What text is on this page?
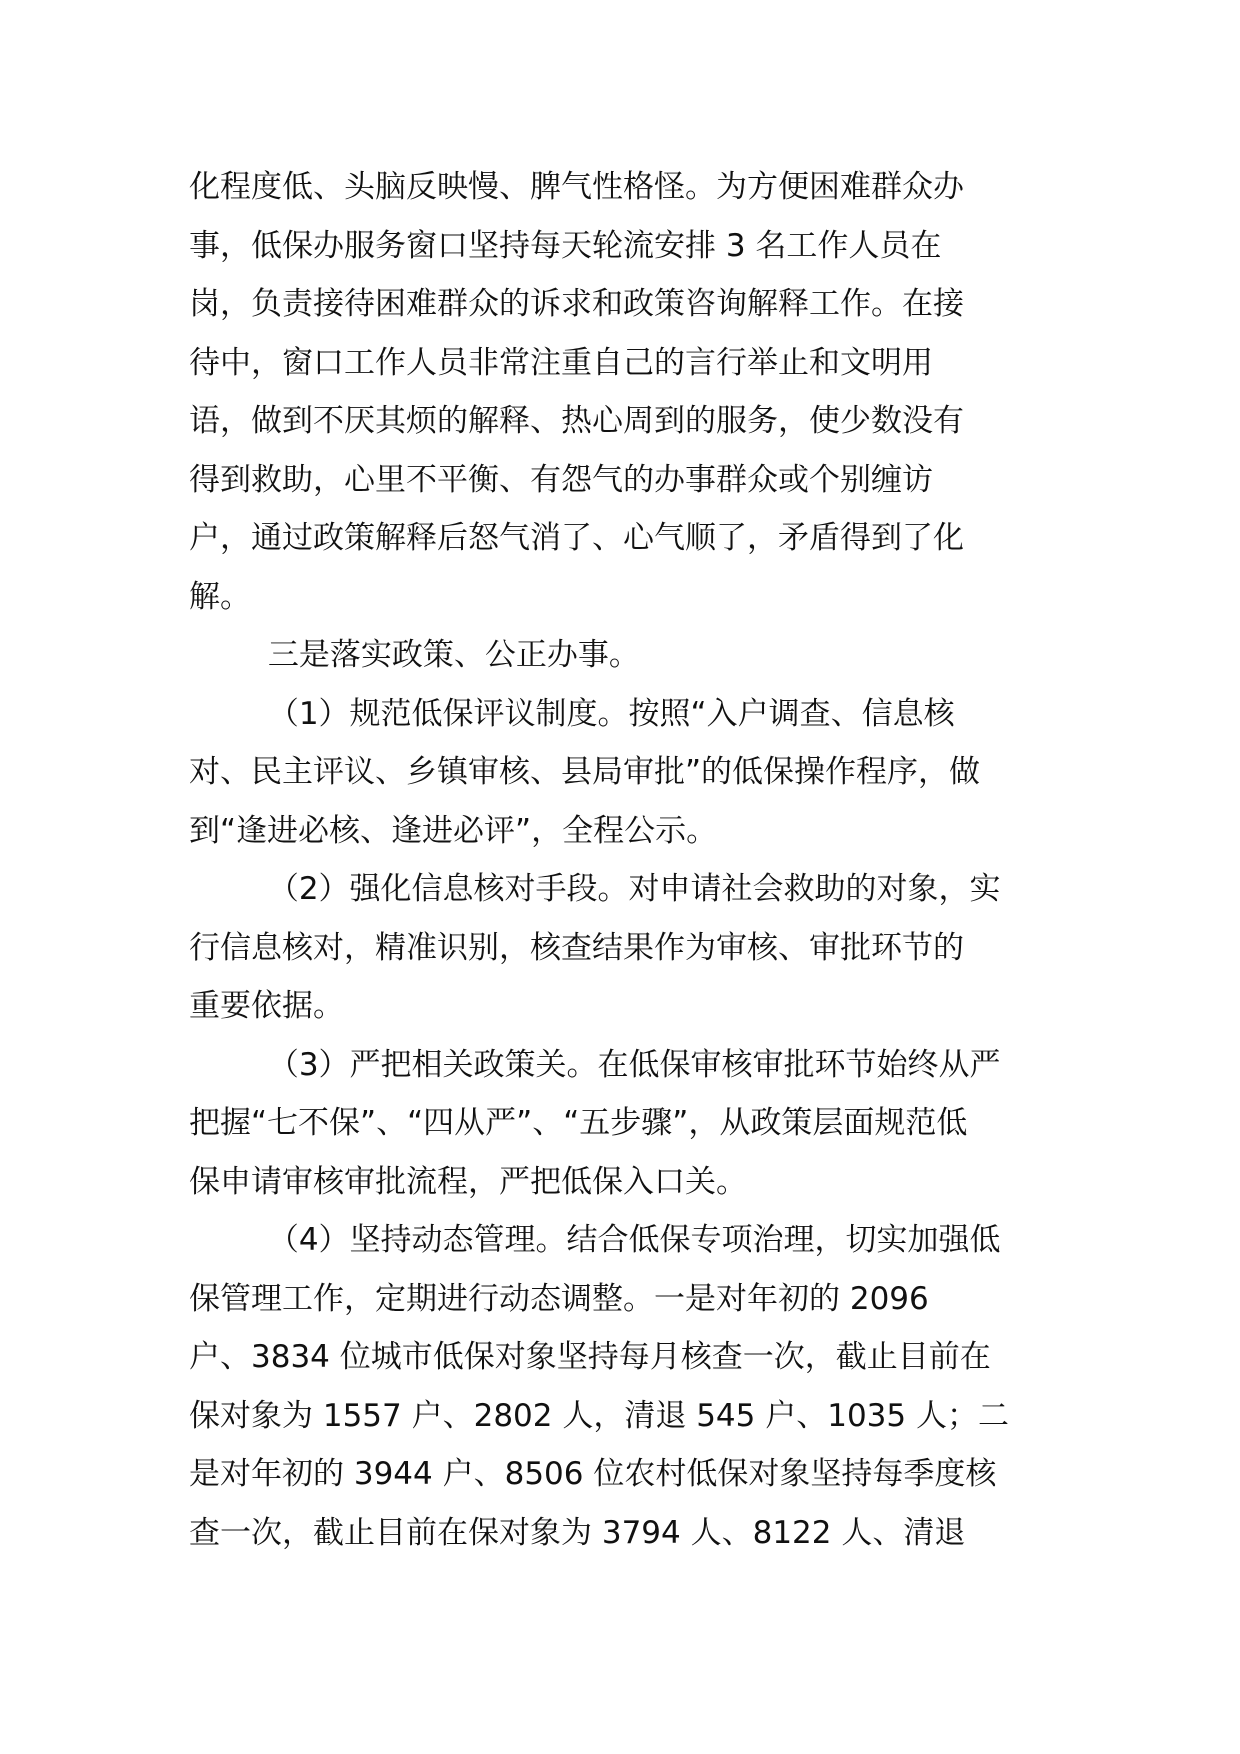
化程度低、头脑反映慢、脾气性格怪。为方便困难群众办
事，低保办服务窗口坚持每天轮流安排 3 名工作人员在
岗，负责接待困难群众的诉求和政策咨询解释工作。在接
待中，窗口工作人员非常注重自己的言行举止和文明用
语，做到不厌其烦的解释、热心周到的服务，使少数没有
得到救助，心里不平衡、有怨气的办事群众或个别缠访
户，通过政策解释后怒气消了、心气顺了，矛盾得到了化
解。
三是落实政策、公正办事。
（1）规范低保评议制度。按照“入户调查、信息核
对、民主评议、乡镇审核、县局审批”的低保操作程序，做
到“逢进必核、逢进必评”，全程公示。
（2）强化信息核对手段。对申请社会救助的对象，实
行信息核对，精准识别，核查结果作为审核、审批环节的
重要依据。
（3）严把相关政策关。在低保审核审批环节始终从严
把握“七不保”、“四从严”、“五步骤”，从政策层面规范低
保申请审核审批流程，严把低保入口关。
（4）坚持动态管理。结合低保专项治理，切实加强低
保管理工作，定期进行动态调整。一是对年初的 2096
户、3834 位城市低保对象坚持每月核查一次，截止目前在
保对象为 1557 户、2802 人，清退 545 户、1035 人；二
是对年初的 3944 户、8506 位农村低保对象坚持每季度核
查一次，截止目前在保对象为 3794 人、8122 人、清退
